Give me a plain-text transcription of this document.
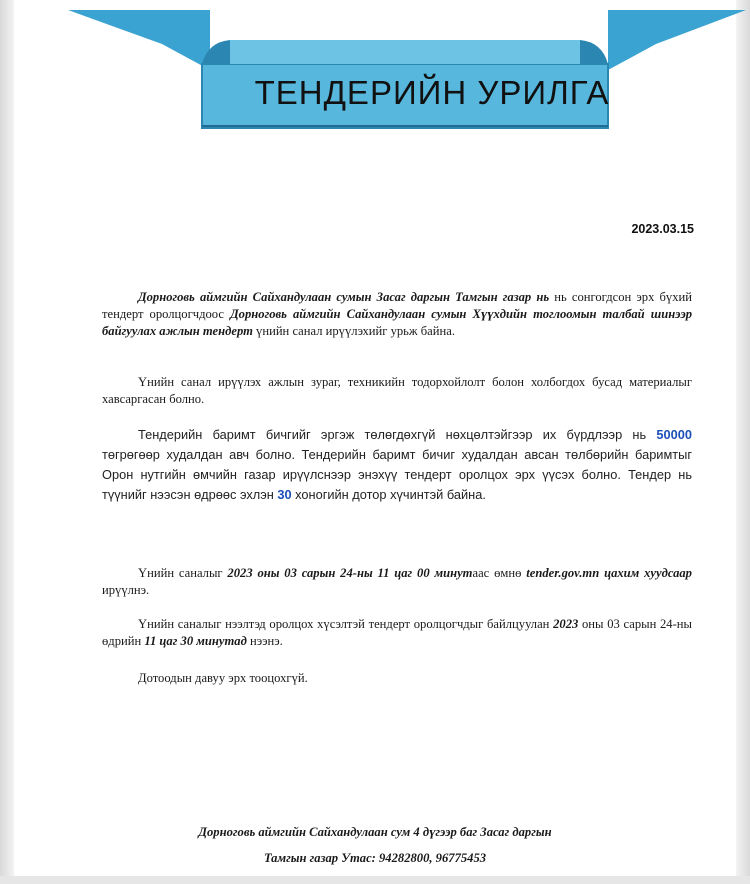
ТЕНДЕРИЙН УРИЛГА
2023.03.15
Дорноговь аймгийн Сайхандулаан сумын Засаг даргын Тамгын газар нь нь сонгогдсон эрх бүхий тендерт оролцогчдоос Дорноговь аймгийн Сайхандулаан сумын Хүүхдийн тоглоомын талбай шинээр байгуулах ажлын тендерт үнийн санал ирүүлэхийг урьж байна.
Үнийн санал ирүүлэх ажлын зураг, техникийн тодорхойлолт болон холбогдох бусад материалыг хавсаргасан болно.
Тендерийн баримт бичгийг эргэж төлөгдөхгүй нөхцөлтэйгээр их бүрдлээр нь 50000 төгрөгөөр худалдан авч болно. Тендерийн баримт бичиг худалдан авсан төлбөрийн баримтыг Орон нутгийн өмчийн газар ирүүлснээр энэхүү тендерт оролцох эрх үүсэх болно. Тендер нь түүнийг нээсэн өдрөөс эхлэн 30 хоногийн дотор хүчинтэй байна.
Үнийн саналыг 2023 оны 03 сарын 24-ны 11 цаг 00 минутаас өмнө tender.gov.mn цахим хуудсаар ирүүлнэ.
Үнийн саналыг нээлтэд оролцох хүсэлтэй тендерт оролцогчдыг байлцуулан 2023 оны 03 сарын 24-ны өдрийн 11 цаг 30 минутад нээнэ.
Дотоодын давуу эрх тооцохгүй.
Дорноговь аймгийн Сайхандулаан сум 4 дүгээр баг Засаг даргын
Тамгын газар Утас: 94282800, 96775453
